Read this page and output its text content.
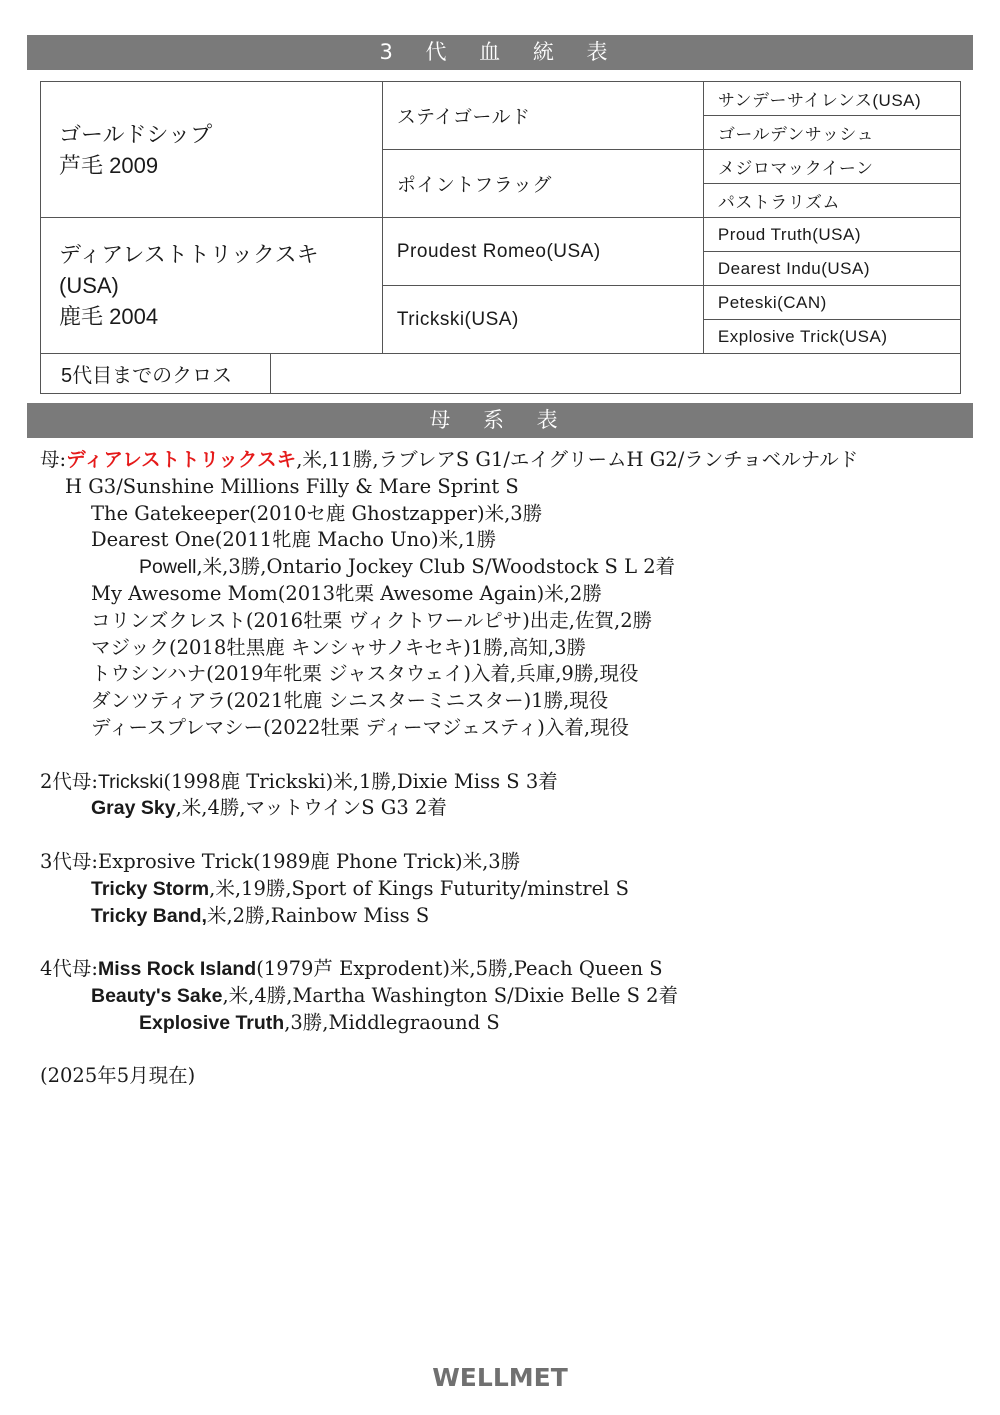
3 代 血 統 表
ゴールドシップ
芦毛 2009		ステイゴールド	サンデーサイレンス(USA)
			ゴールデンサッシュ
		ポイントフラッグ	メジロマックイーン
			パストラリズム

ディアレストトリックスキ
(USA)
鹿毛 2004		Proudest Romeo(USA)	Proud Truth(USA)
			Dearest Indu(USA)
		Trickski(USA)	Peteski(CAN)
			Explosive Trick(USA)
5代目までのクロス			
母 系 表
母:ディアレストトリックスキ,米,11勝,ラブレアS G1/エイグリームH G2/ランチョベルナルド
H G3/Sunshine Millions Filly & Mare Sprint S
The Gatekeeper(2010セ鹿 Ghostzapper)米,3勝
Dearest One(2011牝鹿 Macho Uno)米,1勝
Powell,米,3勝,Ontario Jockey Club S/Woodstock S L 2着
My Awesome Mom(2013牝栗 Awesome Again)米,2勝
コリンズクレスト(2016牡栗 ヴィクトワールピサ)出走,佐賀,2勝
マジック(2018牡黒鹿 キンシャサノキセキ)1勝,高知,3勝
トウシンハナ(2019年牝栗 ジャスタウェイ)入着,兵庫,9勝,現役
ダンツティアラ(2021牝鹿 シニスターミニスター)1勝,現役
ディースプレマシー(2022牡栗 ディーマジェスティ)入着,現役
2代母:Trickski(1998鹿 Trickski)米,1勝,Dixie Miss S 3着
Gray Sky,米,4勝,マットウインS G3 2着
3代母:Exprosive Trick(1989鹿 Phone Trick)米,3勝
Tricky Storm,米,19勝,Sport of Kings Futurity/minstrel S
Tricky Band,米,2勝,Rainbow Miss S
4代母:Miss Rock Island(1979芦 Exprodent)米,5勝,Peach Queen S
Beauty's Sake,米,4勝,Martha Washington S/Dixie Belle S 2着
Explosive Truth,3勝,Middlegraound S
(2025年5月現在)
WELLMET
